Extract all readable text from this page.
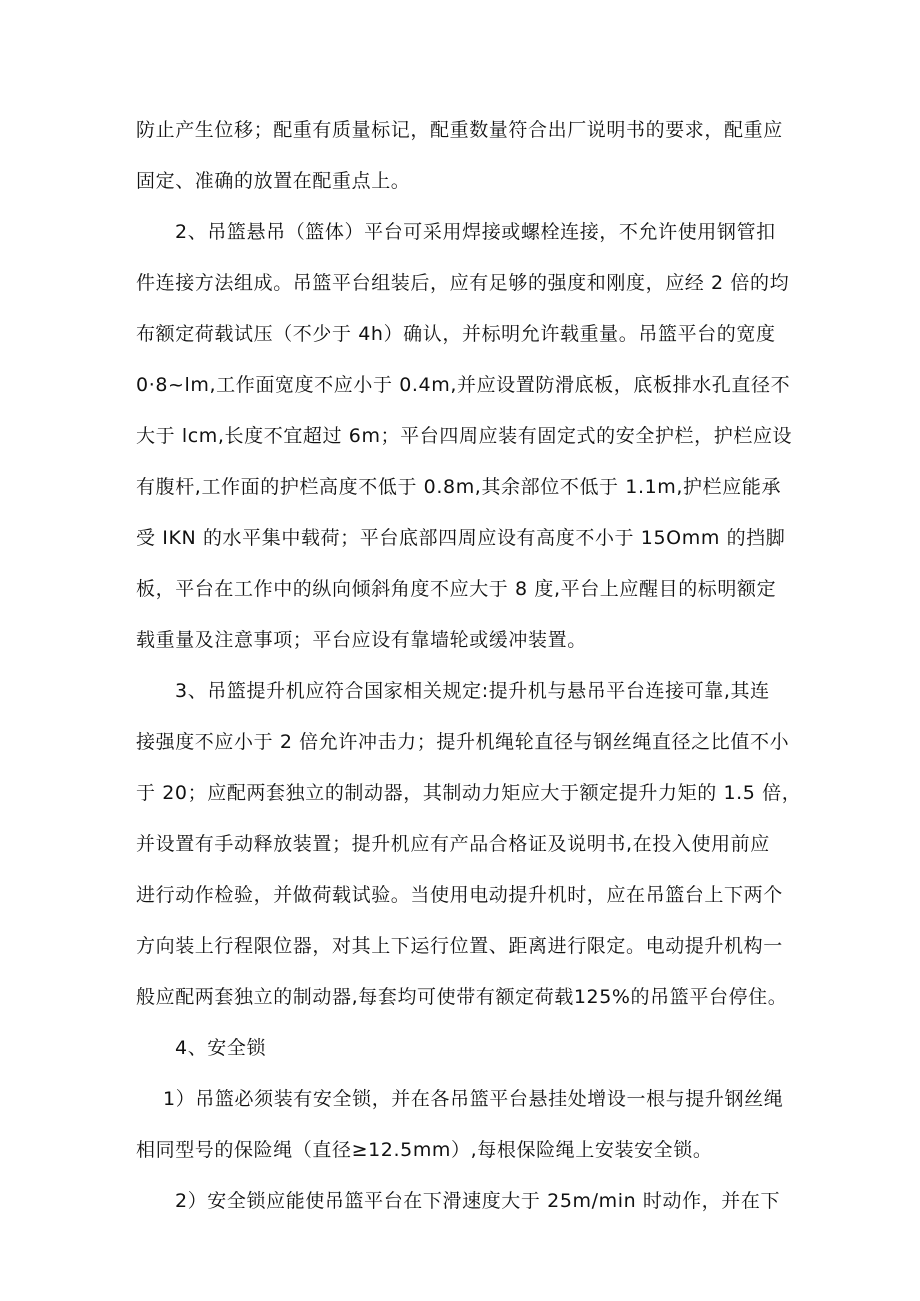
防止产生位移；配重有质量标记，配重数量符合出厂说明书的要求，配重应
固定、准确的放置在配重点上。
2、吊篮悬吊（篮体）平台可采用焊接或螺栓连接，不允许使用钢管扣
件连接方法组成。吊篮平台组装后，应有足够的强度和刚度，应经 2 倍的均
布额定荷载试压（不少于 4h）确认，并标明允许载重量。吊篮平台的宽度
0·8~lm,工作面宽度不应小于 0.4m,并应设置防滑底板，底板排水孔直径不
大于 lcm,长度不宜超过 6m；平台四周应装有固定式的安全护栏，护栏应设
有腹杆,工作面的护栏高度不低于 0.8m,其余部位不低于 1.1m,护栏应能承
受 IKN 的水平集中载荷；平台底部四周应设有高度不小于 15Omm 的挡脚
板，平台在工作中的纵向倾斜角度不应大于 8 度,平台上应醒目的标明额定
载重量及注意事项；平台应设有靠墙轮或缓冲装置。
3、吊篮提升机应符合国家相关规定:提升机与悬吊平台连接可靠,其连
接强度不应小于 2 倍允许冲击力；提升机绳轮直径与钢丝绳直径之比值不小
于 20；应配两套独立的制动器，其制动力矩应大于额定提升力矩的 1.5 倍，
并设置有手动释放装置；提升机应有产品合格证及说明书,在投入使用前应
进行动作检验，并做荷载试验。当使用电动提升机时，应在吊篮台上下两个
方向装上行程限位器，对其上下运行位置、距离进行限定。电动提升机构一
般应配两套独立的制动器,每套均可使带有额定荷载125%的吊篮平台停住。
4、安全锁
1）吊篮必须装有安全锁，并在各吊篮平台悬挂处增设一根与提升钢丝绳
相同型号的保险绳（直径≥12.5mm）,每根保险绳上安装安全锁。
2）安全锁应能使吊篮平台在下滑速度大于 25m∕min 时动作，并在下
